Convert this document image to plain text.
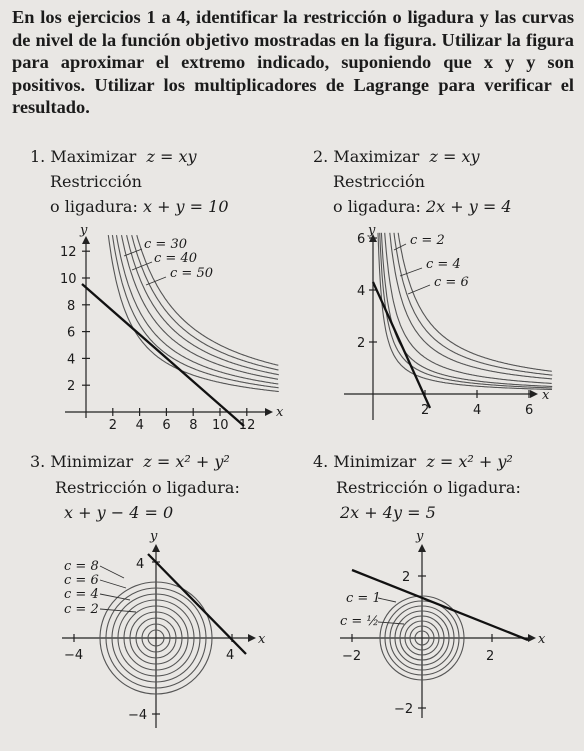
En los ejercicios 1 a 4, identificar la restricción o ligadura y las curvas de nivel de la función objetivo mostradas en la figura. Utilizar la figura para aproximar el extremo indicado, suponiendo que x y y son positivos. Utilizar los multiplicadores de Lagrange para verificar el resultado.
1. Maximizar z = xy
Restricción
o ligadura: x + y = 10
2. Maximizar z = xy
Restricción
o ligadura: 2x + y = 4
3. Minimizar z = x² + y²
Restricción o ligadura:
x + y − 4 = 0
4. Minimizar z = x² + y²
Restricción o ligadura:
2x + 4y = 5
x
y
2 4 6 8 10 12
2
4
6
8
10
12
c = 30
c = 40
c = 50
x
y
2	4	6
2
4
6	c = 2
c = 4
c = 6
x
y
−4	4
4
−4
c = 8
c = 6
c = 4
c = 2
x
y
−2	2
2
−2
c = 1
c = ½
